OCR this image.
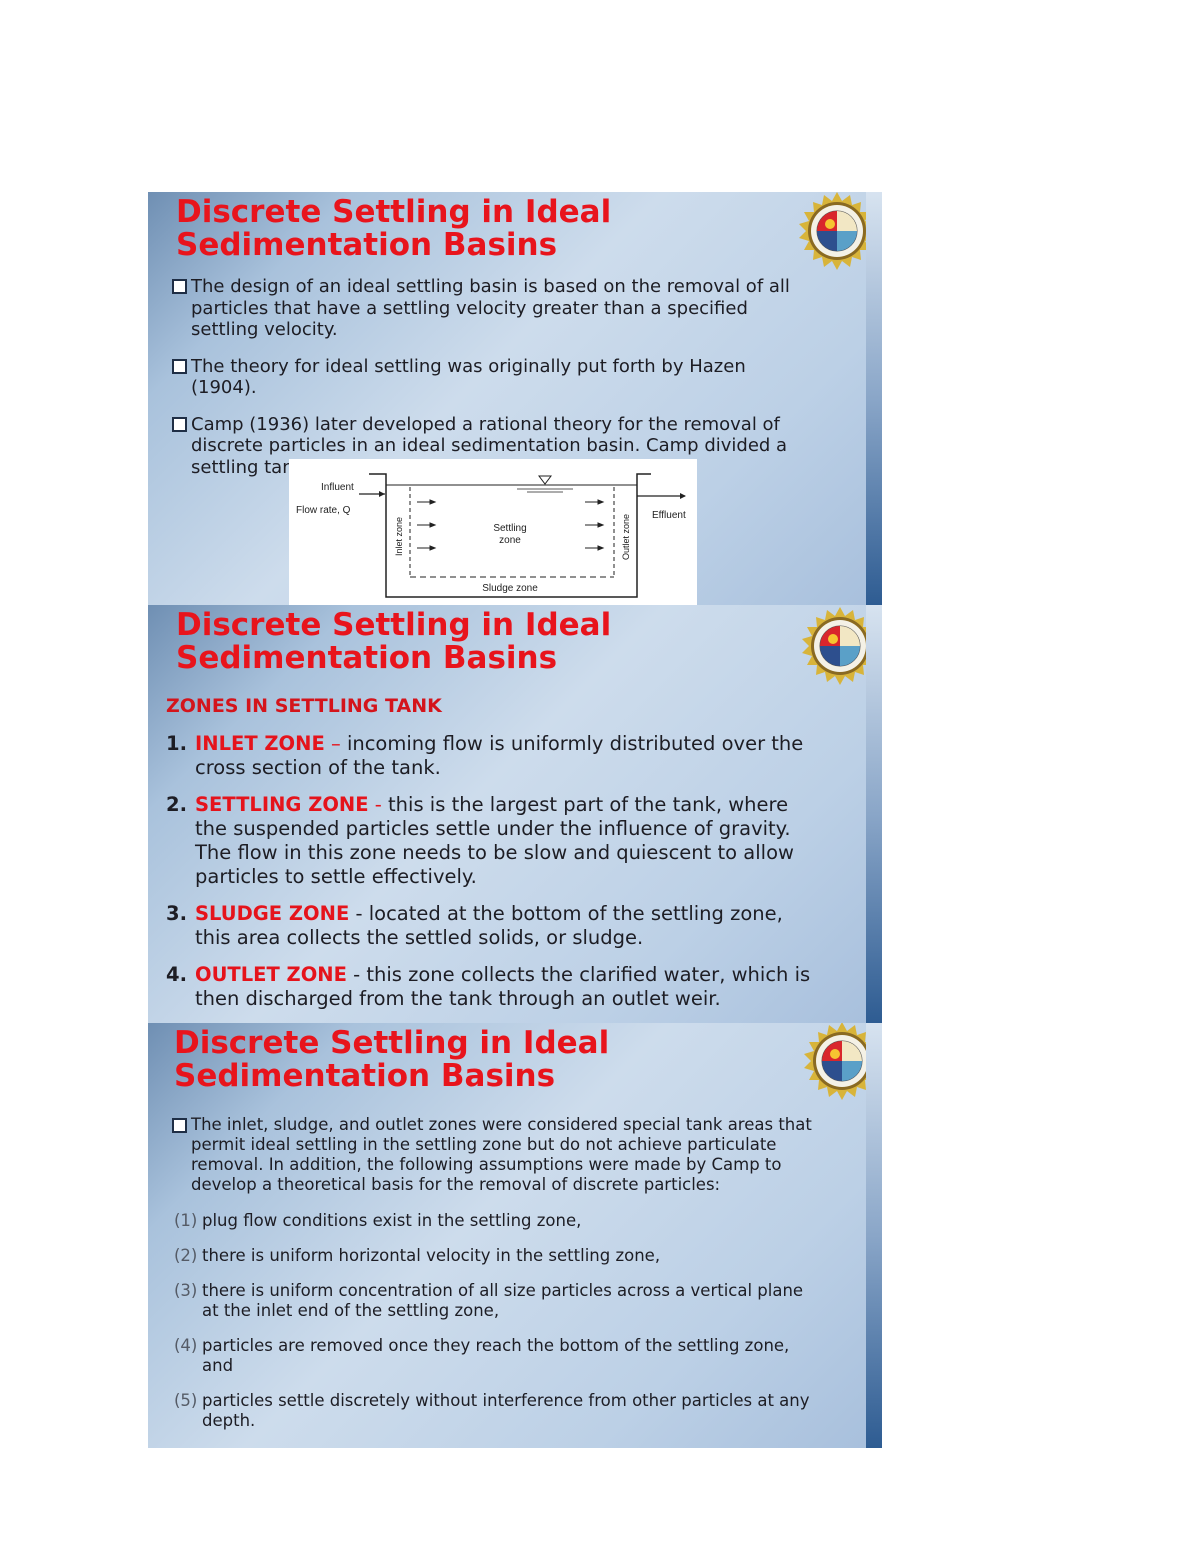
Discrete Settling in Ideal Sedimentation Basins
The design of an ideal settling basin is based on the removal of all particles that have a settling velocity greater than a specified settling velocity.
The theory for ideal settling was originally put forth by Hazen (1904).
Camp (1936) later developed a rational theory for the removal of discrete particles in an ideal sedimentation basin. Camp divided a settling tank into four zones.
Influent
Flow rate, Q
Inlet zone	Settling
zone	Outlet zone Effluent
Sludge zone
Discrete Settling in Ideal Sedimentation Basins
ZONES IN SETTLING TANK
1. INLET ZONE – incoming flow is uniformly distributed over the cross section of the tank.
2. SETTLING ZONE - this is the largest part of the tank, where the suspended particles settle under the influence of gravity. The flow in this zone needs to be slow and quiescent to allow particles to settle effectively.
3. SLUDGE ZONE - located at the bottom of the settling zone, this area collects the settled solids, or sludge.
4. OUTLET ZONE - this zone collects the clarified water, which is then discharged from the tank through an outlet weir.
Discrete Settling in Ideal Sedimentation Basins
The inlet, sludge, and outlet zones were considered special tank areas that permit ideal settling in the settling zone but do not achieve particulate removal. In addition, the following assumptions were made by Camp to develop a theoretical basis for the removal of discrete particles:
(1) plug flow conditions exist in the settling zone,
(2) there is uniform horizontal velocity in the settling zone,
(3) there is uniform concentration of all size particles across a vertical plane at the inlet end of the settling zone,
(4) particles are removed once they reach the bottom of the settling zone, and
(5) particles settle discretely without interference from other particles at any depth.
